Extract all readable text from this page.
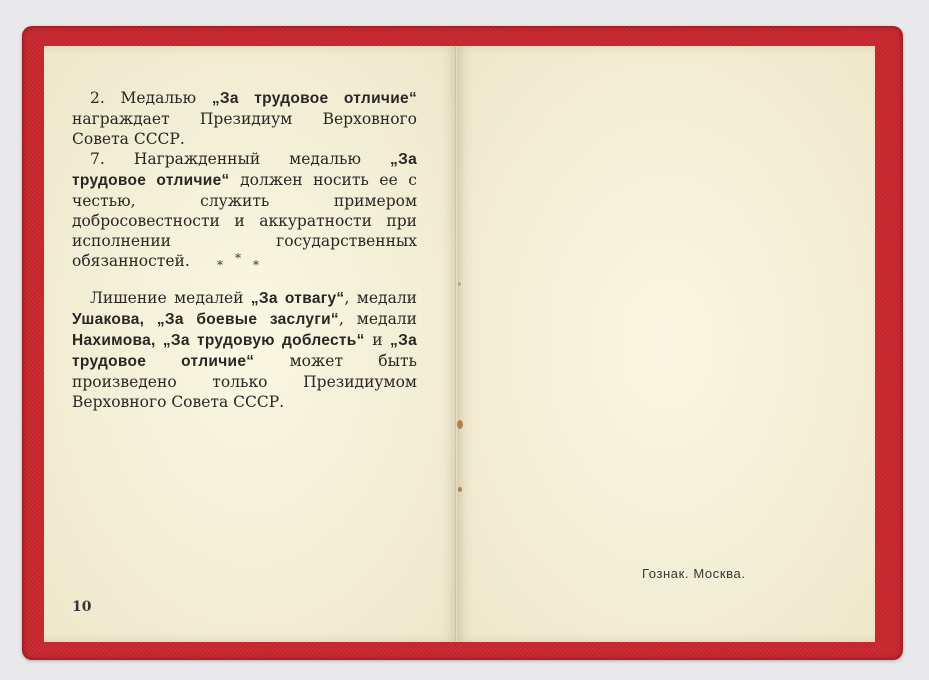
2. Медалью „За трудовое отличие“ награждает Президиум Верховного Совета СССР.

7. Награжденный медалью „За трудовое отличие“ должен носить ее с честью, служить примером добросовестности и аккуратности при исполнении государственных обязанностей.	* * *

Лишение медалей „За отвагу“, медали Ушакова, „За боевые заслуги“, медали Нахимова, „За трудовую доблесть“ и „За трудовое отличие“ может быть произведено только Президиумом Верховного Совета СССР.

10
Гознак. Москва.
